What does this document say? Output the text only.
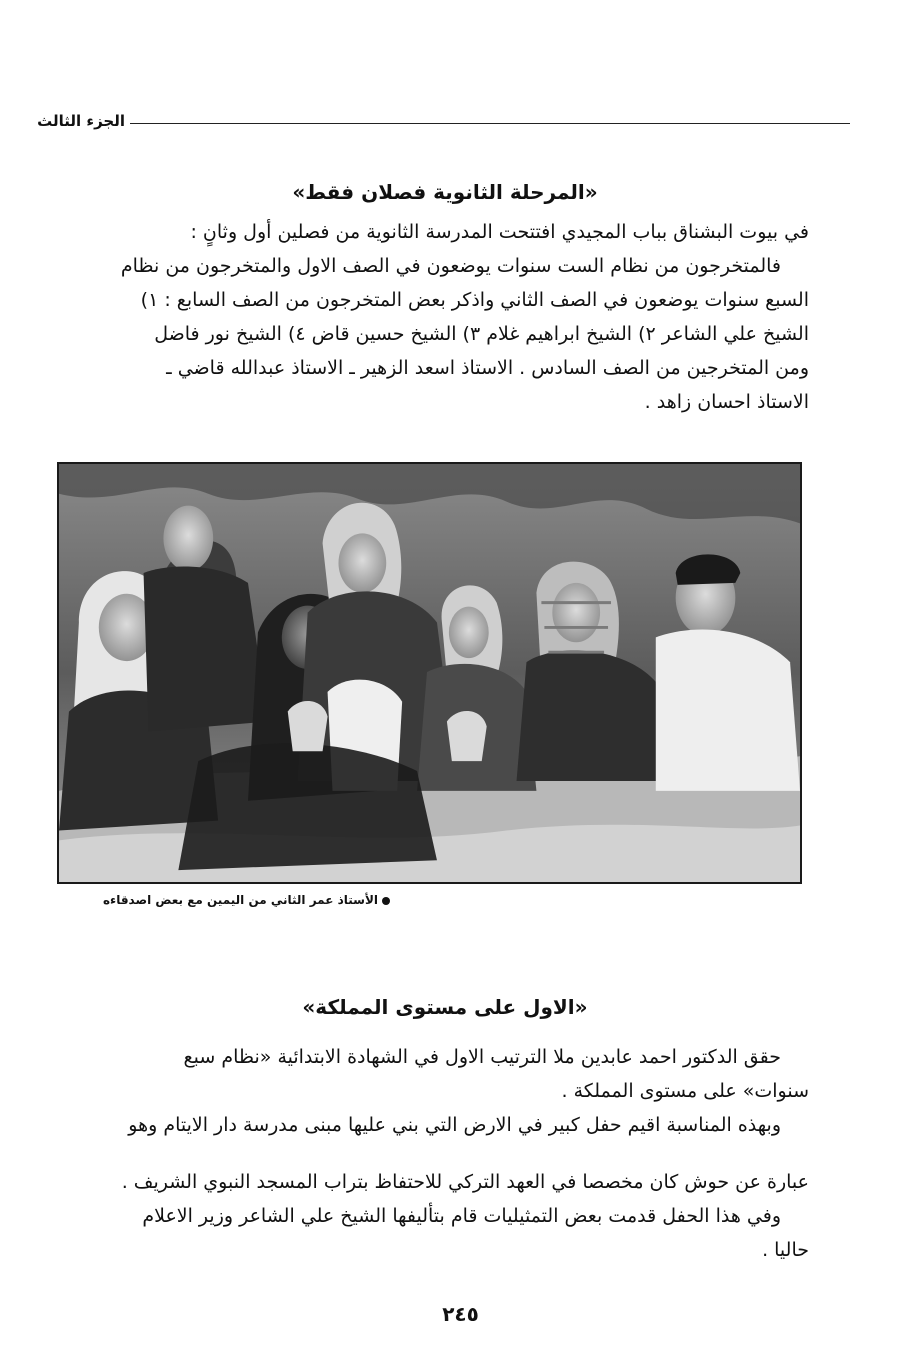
الجزء الثالث
«المرحلة الثانوية فصلان فقط»
في بيوت البشناق بباب المجيدي افتتحت المدرسة الثانوية من فصلين أول وثانٍ :
فالمتخرجون من نظام الست سنوات يوضعون في الصف الاول والمتخرجون من نظام
السبع سنوات يوضعون في الصف الثاني واذكر بعض المتخرجون من الصف السابع : ١)
الشيخ علي الشاعر ٢) الشيخ ابراهيم غلام ٣) الشيخ حسين قاض ٤) الشيخ نور فاضل
ومن المتخرجين من الصف السادس . الاستاذ اسعد الزهير ـ الاستاذ عبدالله قاضي ـ
الاستاذ احسان زاهد .
الأستاذ عمر الثاني من اليمين مع بعض اصدقاءه
«الاول على مستوى المملكة»
حقق الدكتور احمد عابدين ملا الترتيب الاول في الشهادة الابتدائية «نظام سبع
سنوات» على مستوى المملكة .
وبهذه المناسبة اقيم حفل كبير في الارض التي بني عليها مبنى مدرسة دار الايتام وهو
عبارة عن حوش كان مخصصا في العهد التركي للاحتفاظ بتراب المسجد النبوي الشريف .
وفي هذا الحفل قدمت بعض التمثيليات قام بتأليفها الشيخ علي الشاعر وزير الاعلام
حاليا .
٢٤٥
